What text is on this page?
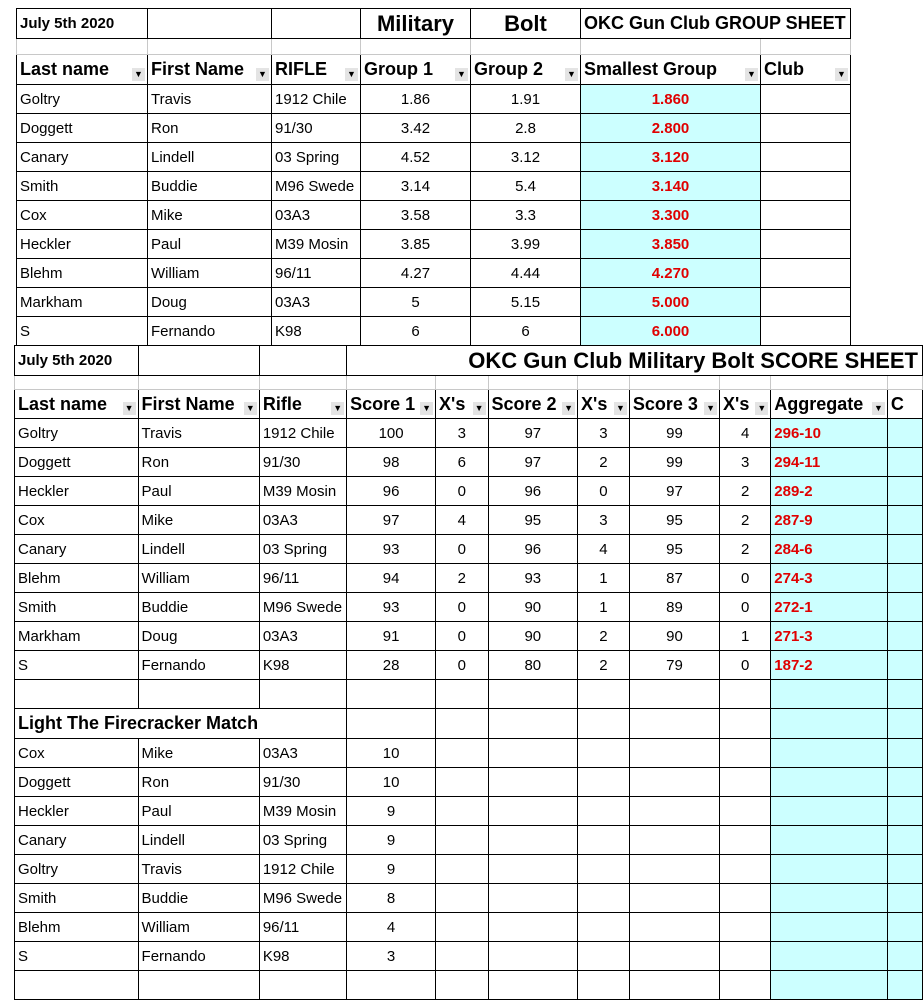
July 5th 2020			Military	Bolt	OKC Gun Club GROUP SHEET	

Last name ▼	First Name ▼	RIFLE ▼	Group 1 ▼	Group 2 ▼	Smallest Group ▼	Club ▼

Goltry	Travis	1912 Chile	1.86	1.91	1.860	
Doggett	Ron	91/30	3.42	2.8	2.800	
Canary	Lindell	03 Spring	4.52	3.12	3.120	
Smith	Buddie	M96 Swede	3.14	5.4	3.140	
Cox	Mike	03A3	3.58	3.3	3.300	
Heckler	Paul	M39 Mosin	3.85	3.99	3.850	
Blehm	William	96/11	4.27	4.44	4.270	
Markham	Doug	03A3	5	5.15	5.000	
S	Fernando	K98	6	6	6.000	
July 5th 2020			OKC Gun Club Military Bolt SCORE SHEET							

Last name ▼	First Name ▼	Rifle ▼	Score 1 ▼	X's ▼	Score 2 ▼	X's ▼	Score 3 ▼	X's ▼	Aggregate ▼	C
Goltry	Travis	1912 Chile	100	3	97	3	99	4	296-10	
Doggett	Ron	91/30	98	6	97	2	99	3	294-11	
Heckler	Paul	M39 Mosin	96	0	96	0	97	2	289-2	
Cox	Mike	03A3	97	4	95	3	95	2	287-9	
Canary	Lindell	03 Spring	93	0	96	4	95	2	284-6	
Blehm	William	96/11	94	2	93	1	87	0	274-3	
Smith	Buddie	M96 Swede	93	0	90	1	89	0	272-1	
Markham	Doug	03A3	91	0	90	2	90	1	271-3	
S	Fernando	K98	28	0	80	2	79	0	187-2	

Light The Firecracker Match										
Cox	Mike	03A3	10							
Doggett	Ron	91/30	10							
Heckler	Paul	M39 Mosin	9							
Canary	Lindell	03 Spring	9							
Goltry	Travis	1912 Chile	9							
Smith	Buddie	M96 Swede	8							
Blehm	William	96/11	4							
S	Fernando	K98	3							
